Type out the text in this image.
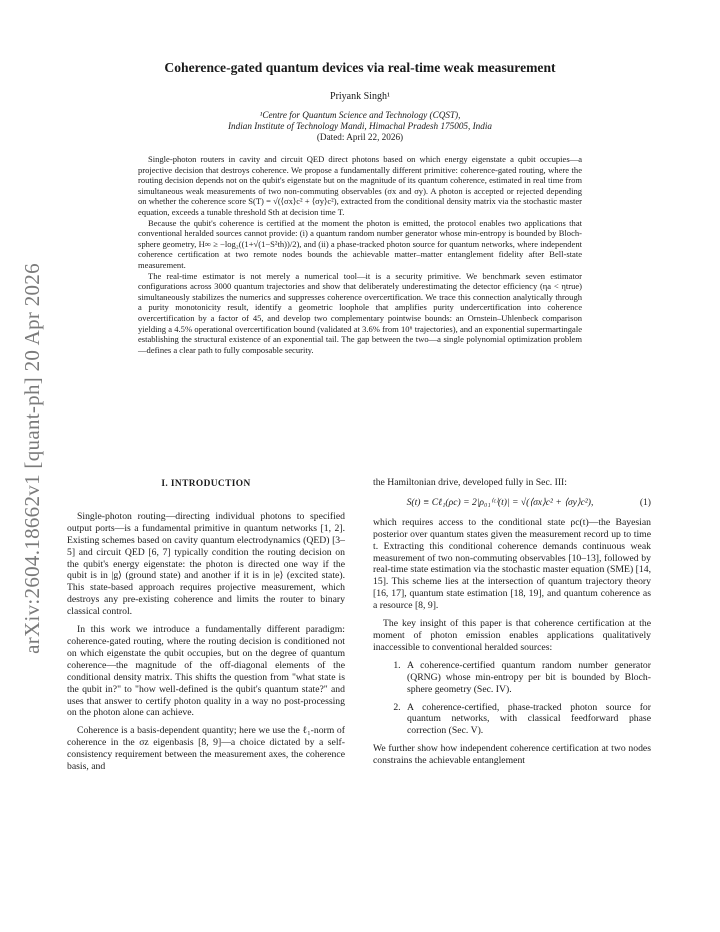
arXiv:2604.18662v1 [quant-ph] 20 Apr 2026
Coherence-gated quantum devices via real-time weak measurement
Priyank Singh¹
¹Centre for Quantum Science and Technology (CQST),
Indian Institute of Technology Mandi, Himachal Pradesh 175005, India
(Dated: April 22, 2026)

Single-photon routers in cavity and circuit QED direct photons based on which energy eigenstate a qubit occupies—a projective decision that destroys coherence. We propose a fundamentally different primitive: coherence-gated routing, where the routing decision depends not on the qubit's eigenstate but on the magnitude of its quantum coherence, estimated in real time from simultaneous weak measurements of two non-commuting observables (σx and σy). A photon is accepted or rejected depending on whether the coherence score S(T) = √(⟨σx⟩c² + ⟨σy⟩c²), extracted from the conditional density matrix via the stochastic master equation, exceeds a tunable threshold Sth at decision time T.

Because the qubit's coherence is certified at the moment the photon is emitted, the protocol enables two applications that conventional heralded sources cannot provide: (i) a quantum random number generator whose min-entropy is bounded by Bloch-sphere geometry, H∞ ≥ −log₂((1+√(1−S²th))/2), and (ii) a phase-tracked photon source for quantum networks, where independent coherence certification at two remote nodes bounds the achievable matter–matter entanglement fidelity after Bell-state measurement.

The real-time estimator is not merely a numerical tool—it is a security primitive. We benchmark seven estimator configurations across 3000 quantum trajectories and show that deliberately underestimating the detector efficiency (ηa < ηtrue) simultaneously stabilizes the numerics and suppresses coherence overcertification. We trace this connection analytically through a purity monotonicity result, identify a geometric loophole that amplifies purity undercertification into coherence overcertification by a factor of 45, and develop two complementary pointwise bounds: an Ornstein–Uhlenbeck comparison yielding a 4.5% operational overcertification bound (validated at 3.6% from 10⁶ trajectories), and an exponential supermartingale establishing the structural existence of an exponential tail. The gap between the two—a single polynomial optimization problem—defines a clear path to fully composable security.

I. INTRODUCTION

Single-photon routing—directing individual photons to specified output ports—is a fundamental primitive in quantum networks [1, 2]. Existing schemes based on cavity quantum electrodynamics (QED) [3–5] and circuit QED [6, 7] typically condition the routing decision on the qubit's energy eigenstate: the photon is directed one way if the qubit is in |g⟩ (ground state) and another if it is in |e⟩ (excited state). This state-based approach requires projective measurement, which destroys any pre-existing coherence and limits the router to binary classical control.

In this work we introduce a fundamentally different paradigm: coherence-gated routing, where the routing decision is conditioned not on which eigenstate the qubit occupies, but on the degree of quantum coherence—the magnitude of the off-diagonal elements of the conditional density matrix. This shifts the question from "what state is the qubit in?" to "how well-defined is the qubit's quantum state?" and uses that answer to certify photon quality in a way no post-processing on the photon alone can achieve.

Coherence is a basis-dependent quantity; here we use the ℓ₁-norm of coherence in the σz eigenbasis [8, 9]—a choice dictated by a self-consistency requirement between the measurement axes, the coherence basis, and

the Hamiltonian drive, developed fully in Sec. III:

S(t) ≡ Cℓ₁(ρc) = 2|ρ₀₁⁽ᶜ⁾(t)| = √(⟨σx⟩c² + ⟨σy⟩c²),	(1)

which requires access to the conditional state ρc(t)—the Bayesian posterior over quantum states given the measurement record up to time t. Extracting this conditional coherence demands continuous weak measurement of two non-commuting observables [10–13], followed by real-time state estimation via the stochastic master equation (SME) [14, 15]. This scheme lies at the intersection of quantum trajectory theory [16, 17], quantum state estimation [18, 19], and quantum coherence as a resource [8, 9].

The key insight of this paper is that coherence certification at the moment of photon emission enables applications qualitatively inaccessible to conventional heralded sources:

1. A coherence-certified quantum random number generator (QRNG) whose min-entropy per bit is bounded by Bloch-sphere geometry (Sec. IV).
2. A coherence-certified, phase-tracked photon source for quantum networks, with classical feedforward phase correction (Sec. V).

We further show how independent coherence certification at two nodes constrains the achievable entanglement
